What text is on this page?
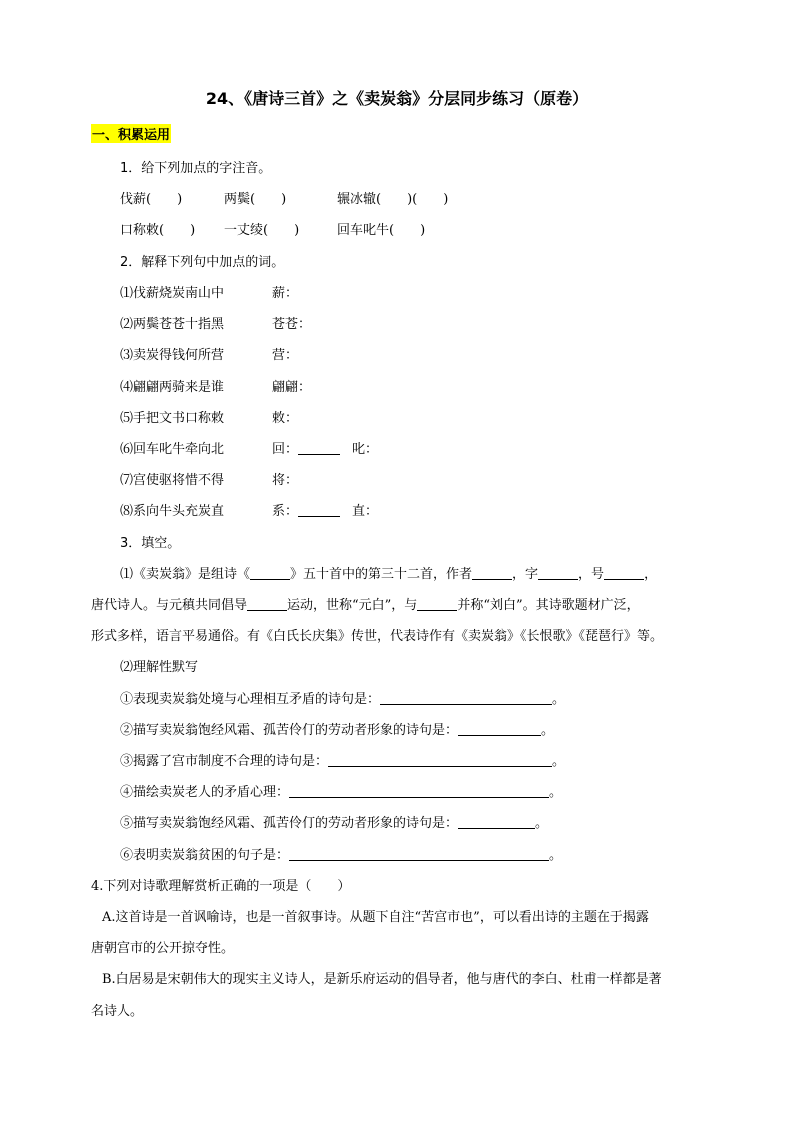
24、《唐诗三首》之《卖炭翁》分层同步练习（原卷）
一、积累运用
1．给下列加点的字注音。
伐薪(　　)	两鬓(　　)	辗冰辙(　　)(　　)
口称敕(　　) 一丈绫(　　)	回车叱牛(　　)
2．解释下列句中加点的词。
⑴伐薪烧炭南山中	薪：
⑵两鬓苍苍十指黑	苍苍：
⑶卖炭得钱何所营	营：
⑷翩翩两骑来是谁	翩翩：
⑸手把文书口称敕	敕：
⑹回车叱牛牵向北	回：	叱：
⑺宫使驱将惜不得	将：
⑻系向牛头充炭直	系：	直：
3．填空。
⑴《卖炭翁》是组诗《	》五十首中的第三十二首，作者	，字	，号	，
唐代诗人。与元稹共同倡导	运动，世称“元白”，与	并称“刘白”。其诗歌题材广泛，
形式多样，语言平易通俗。有《白氏长庆集》传世，代表诗作有《卖炭翁》《长恨歌》《琵琶行》等。
⑵理解性默写
①表现卖炭翁处境与心理相互矛盾的诗句是：	。
②描写卖炭翁饱经风霜、孤苦伶仃的劳动者形象的诗句是：	。
③揭露了宫市制度不合理的诗句是：	。
④描绘卖炭老人的矛盾心理：	。
⑤描写卖炭翁饱经风霜、孤苦伶仃的劳动者形象的诗句是：	。
⑥表明卖炭翁贫困的句子是：	。
4.下列对诗歌理解赏析正确的一项是（　　）
A.这首诗是一首讽喻诗，也是一首叙事诗。从题下自注“苦宫市也”，可以看出诗的主题在于揭露
唐朝宫市的公开掠夺性。
B.白居易是宋朝伟大的现实主义诗人，是新乐府运动的倡导者，他与唐代的李白、杜甫一样都是著
名诗人。
